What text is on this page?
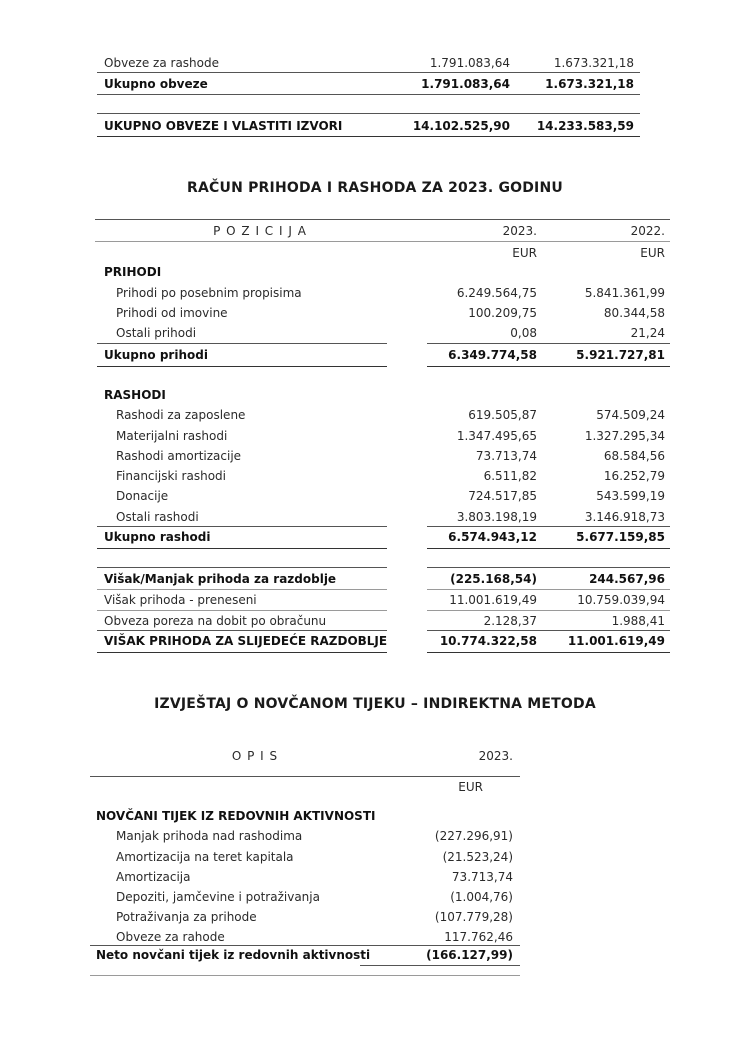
Obveze za rashode	1.791.083,64	1.673.321,18
Ukupno obveze	1.791.083,64	1.673.321,18
UKUPNO OBVEZE I VLASTITI IZVORI	14.102.525,90	14.233.583,59
RAČUN PRIHODA I RASHODA ZA 2023. GODINU
P O Z I C I J A	2023.	2022.
EUR	EUR
PRIHODI
Prihodi po posebnim propisima	6.249.564,75	5.841.361,99
Prihodi od imovine	100.209,75	80.344,58
Ostali prihodi	0,08	21,24
Ukupno prihodi	6.349.774,58	5.921.727,81
RASHODI
Rashodi za zaposlene	619.505,87	574.509,24
Materijalni rashodi	1.347.495,65	1.327.295,34
Rashodi amortizacije	73.713,74	68.584,56
Financijski rashodi	6.511,82	16.252,79
Donacije	724.517,85	543.599,19
Ostali rashodi	3.803.198,19	3.146.918,73
Ukupno rashodi	6.574.943,12	5.677.159,85
Višak/Manjak prihoda za razdoblje	(225.168,54)	244.567,96
Višak prihoda - preneseni	11.001.619,49	10.759.039,94
Obveza poreza na dobit po obračunu	2.128,37	1.988,41
VIŠAK PRIHODA ZA SLIJEDEĆE RAZDOBLJE	10.774.322,58	11.001.619,49
IZVJEŠTAJ O NOVČANOM TIJEKU – INDIREKTNA METODA
O P I S	2023.
EUR
NOVČANI TIJEK IZ REDOVNIH AKTIVNOSTI
Manjak prihoda nad rashodima	(227.296,91)
Amortizacija na teret kapitala	(21.523,24)
Amortizacija	73.713,74
Depoziti, jamčevine i potraživanja	(1.004,76)
Potraživanja za prihode	(107.779,28)
Obveze za rahode	117.762,46
Neto novčani tijek iz redovnih aktivnosti	(166.127,99)
